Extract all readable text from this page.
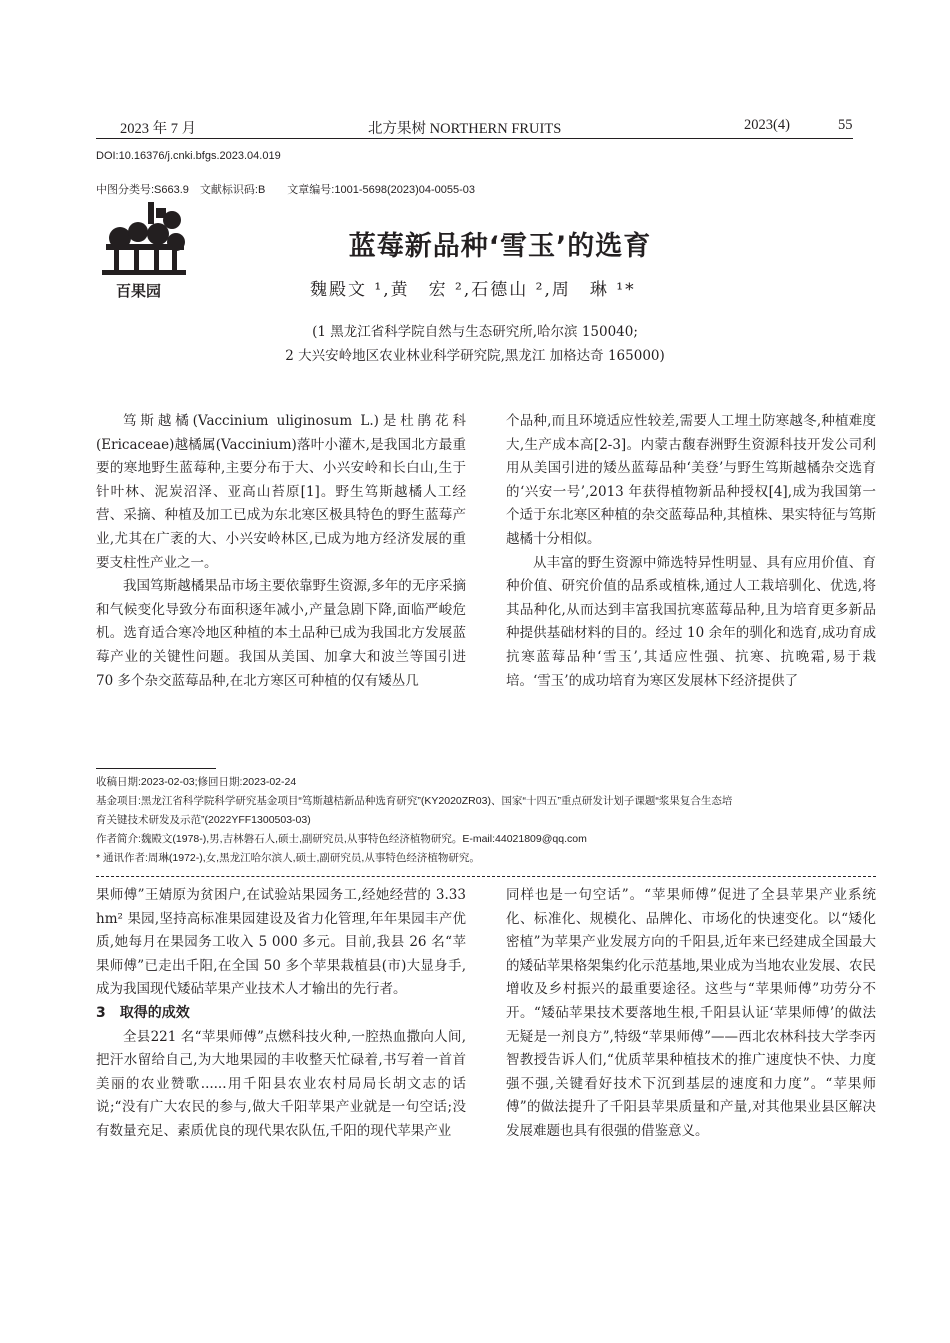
2023 年 7 月	北方果树 NORTHERN FRUITS	2023(4)	55
DOI:10.16376/j.cnki.bfgs.2023.04.019
中图分类号:S663.9　文献标识码:B　　文章编号:1001-5698(2023)04-0055-03
百果园
蓝莓新品种‘雪玉’的选育
魏殿文 ¹,黄　宏 ²,石德山 ²,周　琳 ¹*
(1 黑龙江省科学院自然与生态研究所,哈尔滨 150040;
2 大兴安岭地区农业林业科学研究院,黑龙江 加格达奇 165000)

笃斯越橘(Vaccinium uliginosum L.)是杜鹃花科(Ericaceae)越橘属(Vaccinium)落叶小灌木,是我国北方最重要的寒地野生蓝莓种,主要分布于大、小兴安岭和长白山,生于针叶林、泥炭沼泽、亚高山苔原[1]。野生笃斯越橘人工经营、采摘、种植及加工已成为东北寒区极具特色的野生蓝莓产业,尤其在广袤的大、小兴安岭林区,已成为地方经济发展的重要支柱性产业之一。

我国笃斯越橘果品市场主要依靠野生资源,多年的无序采摘和气候变化导致分布面积逐年减小,产量急剧下降,面临严峻危机。选育适合寒冷地区种植的本土品种已成为我国北方发展蓝莓产业的关键性问题。我国从美国、加拿大和波兰等国引进 70 多个杂交蓝莓品种,在北方寒区可种植的仅有矮丛几

个品种,而且环境适应性较差,需要人工埋土防寒越冬,种植难度大,生产成本高[2-3]。内蒙古馥春洲野生资源科技开发公司利用从美国引进的矮丛蓝莓品种‘美登’与野生笃斯越橘杂交选育的‘兴安一号’,2013 年获得植物新品种授权[4],成为我国第一个适于东北寒区种植的杂交蓝莓品种,其植株、果实特征与笃斯越橘十分相似。

从丰富的野生资源中筛选特异性明显、具有应用价值、育种价值、研究价值的品系或植株,通过人工栽培驯化、优选,将其品种化,从而达到丰富我国抗寒蓝莓品种,且为培育更多新品种提供基础材料的目的。经过 10 余年的驯化和选育,成功育成抗寒蓝莓品种‘雪玉’,其适应性强、抗寒、抗晚霜,易于栽培。‘雪玉’的成功培育为寒区发展林下经济提供了

收稿日期:2023-02-03;修回日期:2023-02-24
基金项目:黑龙江省科学院科学研究基金项目“笃斯越桔新品种选育研究”(KY2020ZR03)、国家“十四五”重点研发计划子课题“浆果复合生态培
育关键技术研发及示范”(2022YFF1300503-03)
作者简介:魏殿文(1978-),男,吉林磐石人,硕士,副研究员,从事特色经济植物研究。E-mail:44021809@qq.com
* 通讯作者:周琳(1972-),女,黑龙江哈尔滨人,硕士,副研究员,从事特色经济植物研究。

果师傅”王婧原为贫困户,在试验站果园务工,经她经营的 3.33 hm² 果园,坚持高标准果园建设及省力化管理,年年果园丰产优质,她每月在果园务工收入 5 000 多元。目前,我县 26 名“苹果师傅”已走出千阳,在全国 50 多个苹果栽植县(市)大显身手,成为我国现代矮砧苹果产业技术人才输出的先行者。

3　取得的成效

全县221 名“苹果师傅”点燃科技火种,一腔热血撒向人间,把汗水留给自己,为大地果园的丰收整天忙碌着,书写着一首首美丽的农业赞歌......用千阳县农业农村局局长胡文志的话说;“没有广大农民的参与,做大千阳苹果产业就是一句空话;没有数量充足、素质优良的现代果农队伍,千阳的现代苹果产业

同样也是一句空话”。“苹果师傅”促进了全县苹果产业系统化、标准化、规模化、品牌化、市场化的快速变化。以“矮化密植”为苹果产业发展方向的千阳县,近年来已经建成全国最大的矮砧苹果格架集约化示范基地,果业成为当地农业发展、农民增收及乡村振兴的最重要途径。这些与“苹果师傅”功劳分不开。“矮砧苹果技术要落地生根,千阳县认证‘苹果师傅’的做法无疑是一剂良方”,特级“苹果师傅”——西北农林科技大学李丙智教授告诉人们,“优质苹果种植技术的推广速度快不快、力度强不强,关键看好技术下沉到基层的速度和力度”。“苹果师傅”的做法提升了千阳县苹果质量和产量,对其他果业县区解决发展难题也具有很强的借鉴意义。
